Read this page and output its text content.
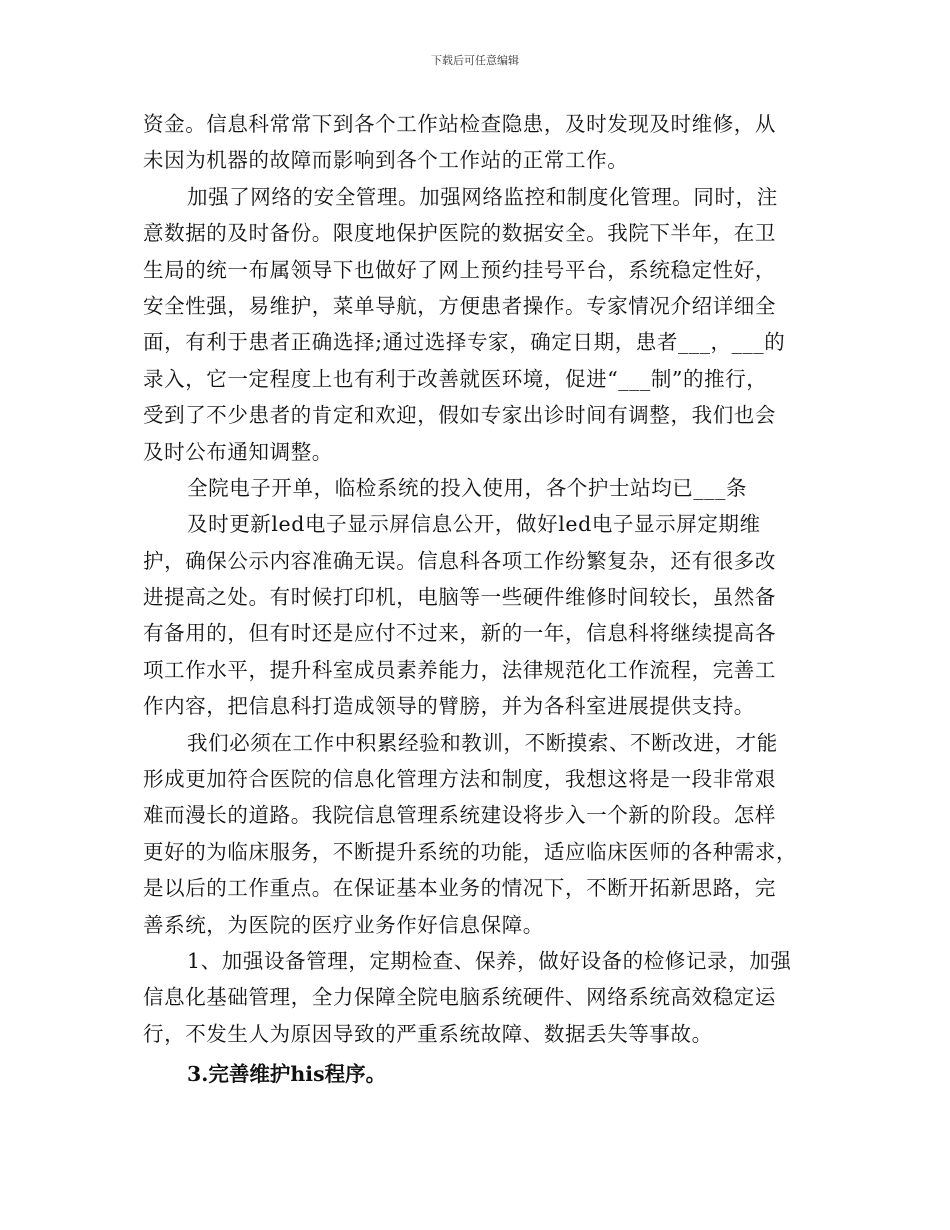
下载后可任意编辑
资金。信息科常常下到各个工作站检查隐患，及时发现及时维修，从
未因为机器的故障而影响到各个工作站的正常工作。
加强了网络的安全管理。加强网络监控和制度化管理。同时，注
意数据的及时备份。限度地保护医院的数据安全。我院下半年，在卫
生局的统一布属领导下也做好了网上预约挂号平台，系统稳定性好，
安全性强，易维护，菜单导航，方便患者操作。专家情况介绍详细全
面，有利于患者正确选择;通过选择专家，确定日期，患者___，___的
录入，它一定程度上也有利于改善就医环境，促进“___制”的推行，
受到了不少患者的肯定和欢迎，假如专家出诊时间有调整，我们也会
及时公布通知调整。
全院电子开单，临检系统的投入使用，各个护士站均已___条
及时更新led电子显示屏信息公开，做好led电子显示屏定期维
护，确保公示内容准确无误。信息科各项工作纷繁复杂，还有很多改
进提高之处。有时候打印机，电脑等一些硬件维修时间较长，虽然备
有备用的，但有时还是应付不过来，新的一年，信息科将继续提高各
项工作水平，提升科室成员素养能力，法律规范化工作流程，完善工
作内容，把信息科打造成领导的臂膀，并为各科室进展提供支持。
我们必须在工作中积累经验和教训，不断摸索、不断改进，才能
形成更加符合医院的信息化管理方法和制度，我想这将是一段非常艰
难而漫长的道路。我院信息管理系统建设将步入一个新的阶段。怎样
更好的为临床服务，不断提升系统的功能，适应临床医师的各种需求，
是以后的工作重点。在保证基本业务的情况下，不断开拓新思路，完
善系统，为医院的医疗业务作好信息保障。
1、加强设备管理，定期检查、保养，做好设备的检修记录，加强
信息化基础管理，全力保障全院电脑系统硬件、网络系统高效稳定运
行，不发生人为原因导致的严重系统故障、数据丢失等事故。
3.完善维护his程序。
